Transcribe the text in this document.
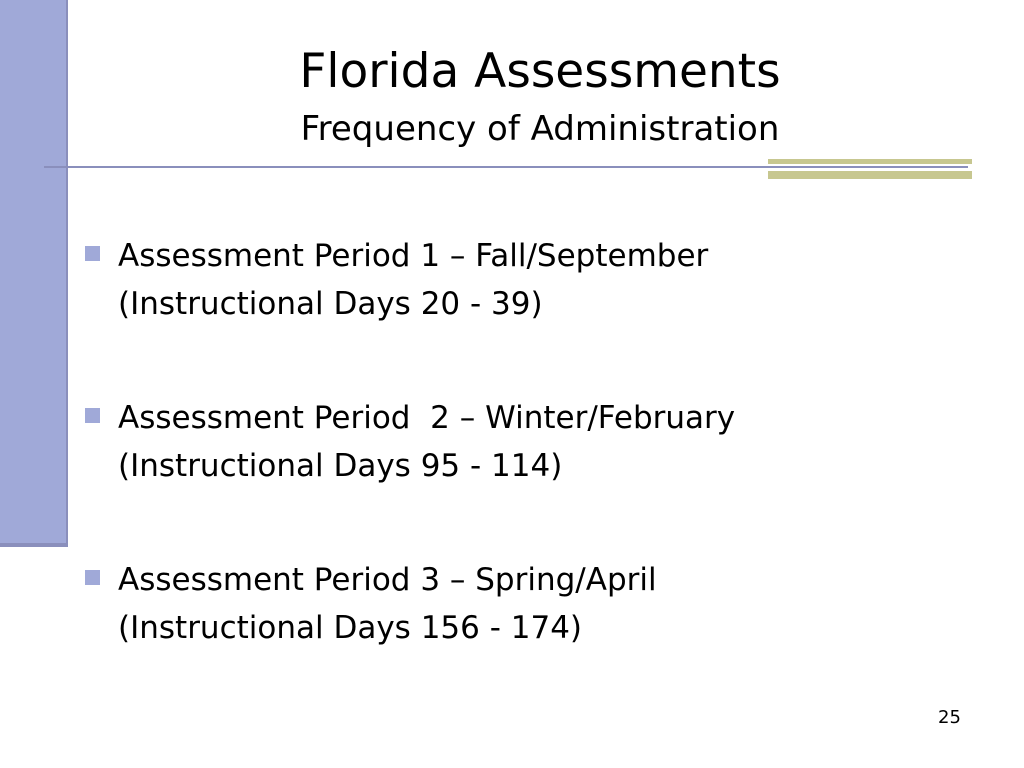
Florida Assessments
Frequency of Administration
Assessment Period 1 – Fall/September
(Instructional Days 20 - 39)
Assessment Period  2 – Winter/February
(Instructional Days 95 - 114)
Assessment Period 3 – Spring/April
(Instructional Days 156 - 174)
25
